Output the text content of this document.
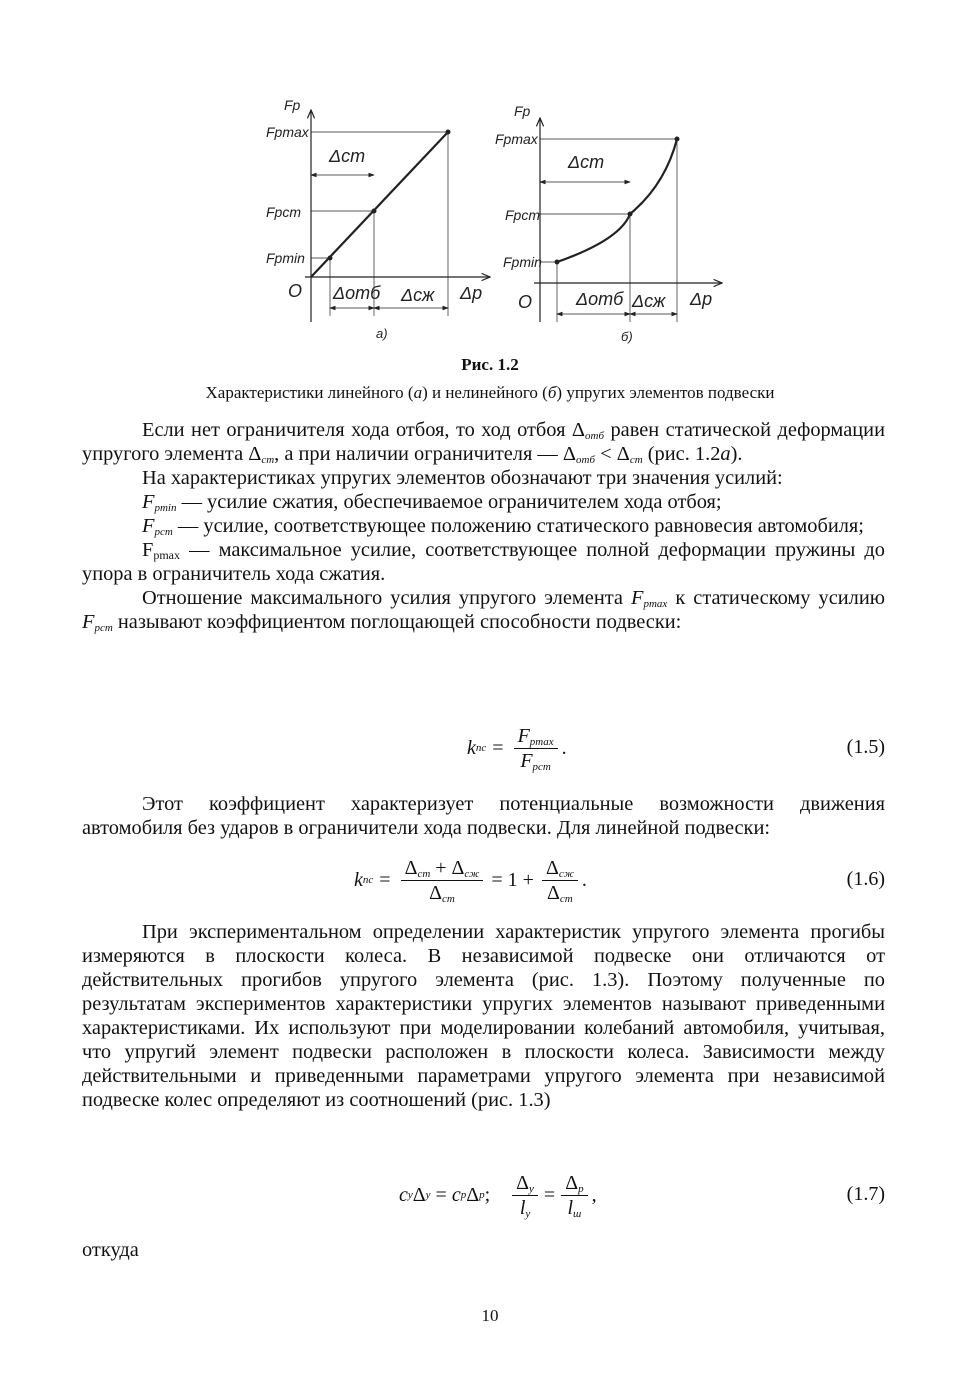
Fр
Fрmax
Δст
Fрст
Fрmin
O Δотб Δсж Δр
а)
Fр
Fрmax
Δст
Fрст
Fрmin
O Δотб Δсж Δр
б)
Рис. 1.2
Характеристики линейного (а) и нелинейного (б) упругих элементов подвески

Если нет ограничителя хода отбоя, то ход отбоя $\Delta_{отб}$ равен статической деформации упругого элемента $\Delta_{ст}$, а при наличии ограничителя — $\Delta_{отб} < \Delta_{ст}$ (рис. 1.2а).

На характеристиках упругих элементов обозначают три значения усилий:

$F_{pmin}$ — усилие сжатия, обеспечиваемое ограничителем хода отбоя;

$F_{pcm}$ — усилие, соответствующее положению статического равновесия автомобиля;

$F_{pmax}$ — максимальное усилие, соответствующее полной деформации пружины до упора в ограничитель хода сжатия.

Отношение максимального усилия упругого элемента $F_{pmax}$ к статическому усилию $F_{pcm}$ называют коэффициентом поглощающей способности подвески:

k пс = $\frac{F_{pmax}}{F_{pcm}}$ .	(1.5)

Этот коэффициент характеризует потенциальные возможности движения автомобиля без ударов в ограничители хода подвески. Для линейной подвески:

k пс = $\frac{\Delta_{ст} + \Delta_{сж}}{\Delta_{ст}} = 1 + \frac{\Delta_{сж}}{\Delta_{ст}}$ .	(1.6)

При экспериментальном определении характеристик упругого элемента прогибы измеряются в плоскости колеса. В независимой подвеске они отличаются от действительных прогибов упругого элемента (рис. 1.3). Поэтому полученные по результатам экспериментов характеристики упругих элементов называют приведенными характеристиками. Их используют при моделировании колебаний автомобиля, учитывая, что упругий элемент подвески расположен в плоскости колеса. Зависимости между действительными и приведенными параметрами упругого элемента при независимой подвеске колес определяют из соотношений (рис. 1.3)

c y Δ y = c p Δ p ; $\frac{\Delta_y}{l_y} = \frac{\Delta_p}{l_ш}$ ,	(1.7)

откуда

10
